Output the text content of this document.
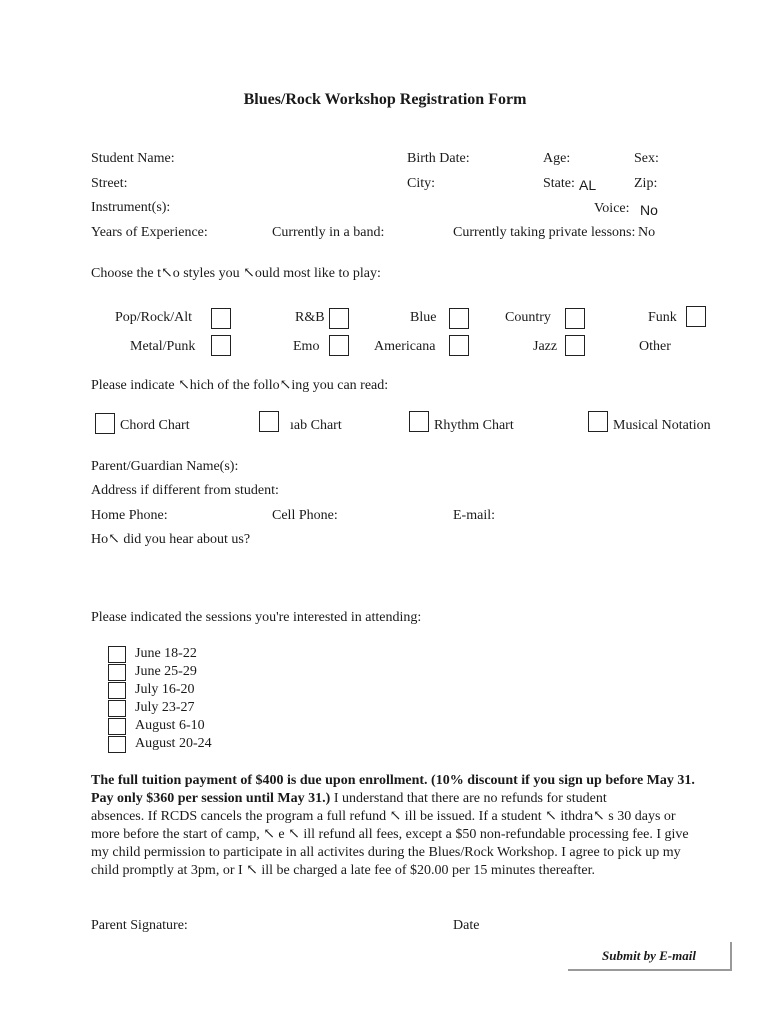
Blues/Rock Workshop Registration Form
Student Name:	Birth Date:	Age:	Sex:
Street:	City:	State: AL	Zip:
Instrument(s):	Voice: No
Years of Experience:	Currently in a band:	Currently taking private lessons: No
Choose the t↖o styles you ↖ould most like to play:
Pop/Rock/Alt	R&B	Blue	Country	Funk
Metal/Punk	Emo	Americana	Jazz	Other
Please indicate ↖hich of the follo↖ing you can read:
Chord Chart	ıab Chart	Rhythm Chart	Musical Notation
Parent/Guardian Name(s):
Address if different from student:
Home Phone:	Cell Phone:	E-mail:
Ho↖ did you hear about us?
Please indicated the sessions you're interested in attending:
June 18-22
June 25-29
July 16-20
July 23-27
August 6-10
August 20-24

The full tuition payment of $400 is due upon enrollment. (10% discount if you sign up before May 31.

Pay only $360 per session until May 31.) I understand that there are no refunds for student

absences. If RCDS cancels the program a full refund ↖ ill be issued. If a student ↖ ithdra↖ s 30 days or

more before the start of camp, ↖ e ↖ ill refund all fees, except a $50 non-refundable processing fee. I give

my child permission to participate in all activites during the Blues/Rock Workshop. I agree to pick up my

child promptly at 3pm, or I ↖ ill be charged a late fee of $20.00 per 15 minutes thereafter.

Parent Signature:	Date
Submit by E-mail
